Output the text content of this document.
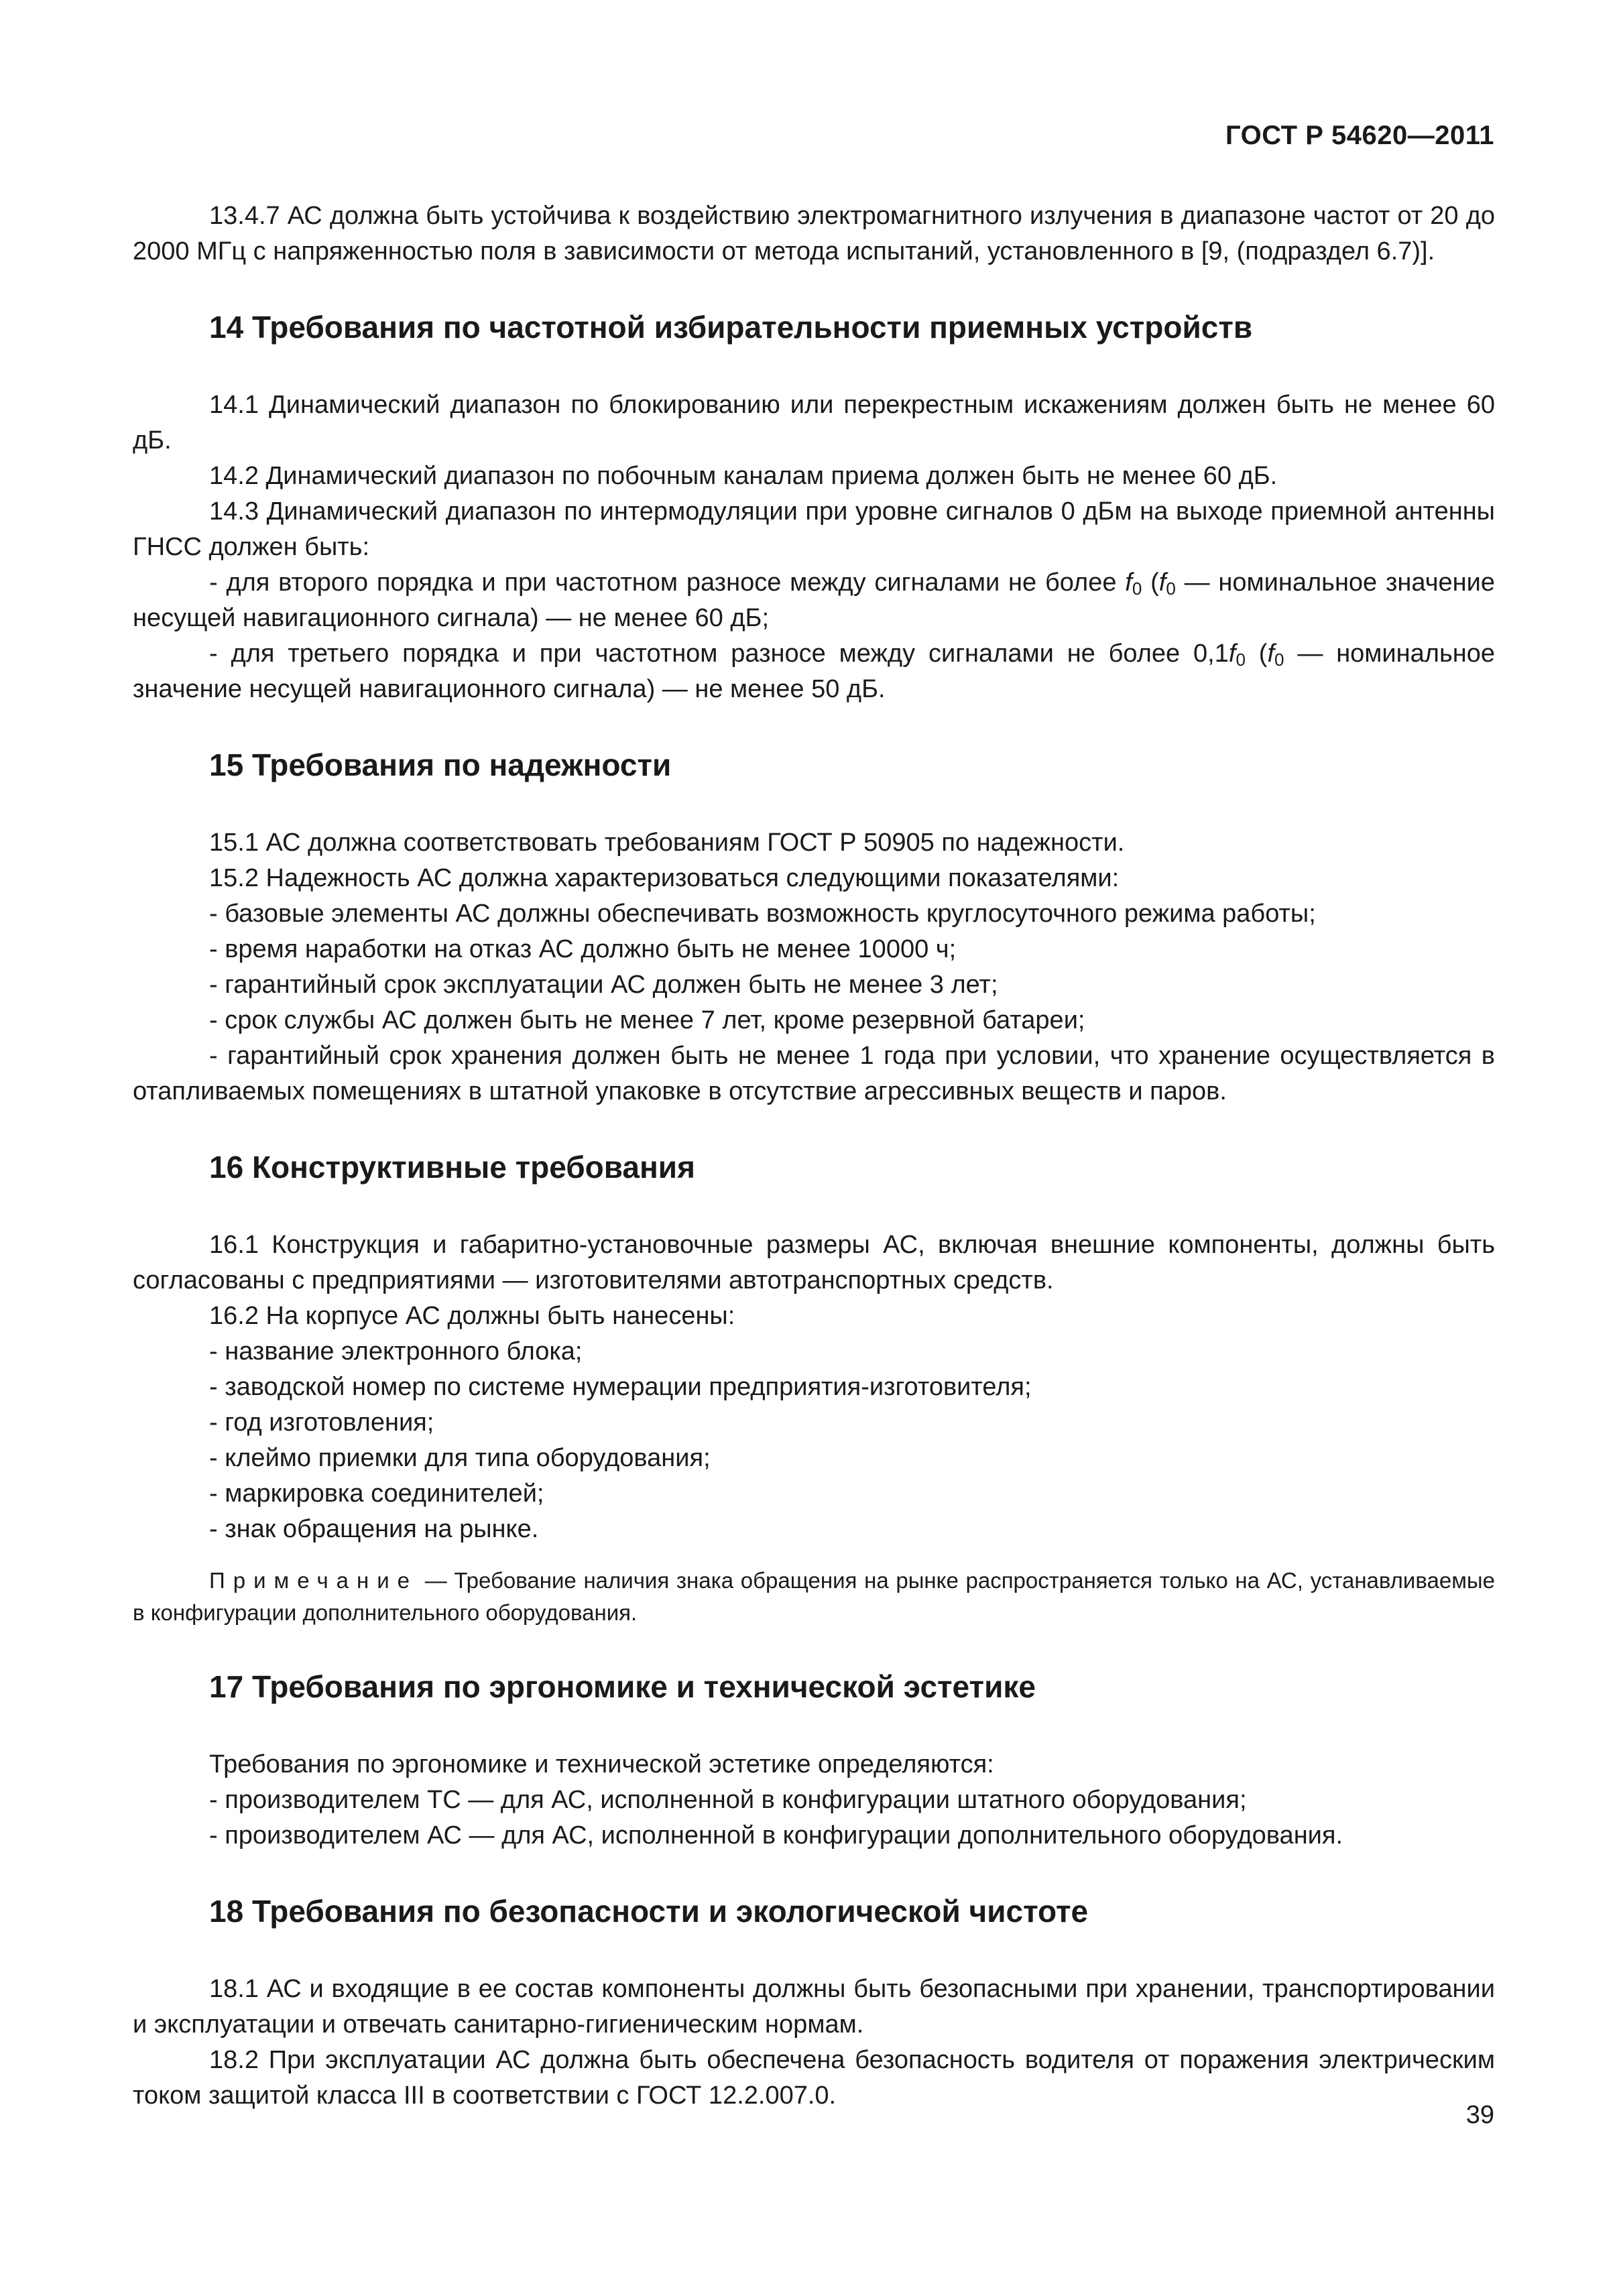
ГОСТ Р 54620—2011

13.4.7 АС должна быть устойчива к воздействию электромагнитного излучения в диапазоне частот от 20 до 2000 МГц с напряженностью поля в зависимости от метода испытаний, установленного в [9, (подраздел 6.7)].

14 Требования по частотной избирательности приемных устройств

14.1 Динамический диапазон по блокированию или перекрестным искажениям должен быть не менее 60 дБ.

14.2 Динамический диапазон по побочным каналам приема должен быть не менее 60 дБ.

14.3 Динамический диапазон по интермодуляции при уровне сигналов 0 дБм на выходе приемной антенны ГНСС должен быть:

- для второго порядка и при частотном разносе между сигналами не более $f_0$ ($f_0$ — номинальное значение несущей навигационного сигнала) — не менее 60 дБ;

- для третьего порядка и при частотном разносе между сигналами не более $0,1f_0$ ($f_0$ — номинальное значение несущей навигационного сигнала) — не менее 50 дБ.

15 Требования по надежности

15.1 АС должна соответствовать требованиям ГОСТ Р 50905 по надежности.

15.2 Надежность АС должна характеризоваться следующими показателями:

- базовые элементы АС должны обеспечивать возможность круглосуточного режима работы;

- время наработки на отказ АС должно быть не менее 10000 ч;

- гарантийный срок эксплуатации АС должен быть не менее 3 лет;

- срок службы АС должен быть не менее 7 лет, кроме резервной батареи;

- гарантийный срок хранения должен быть не менее 1 года при условии, что хранение осуществляется в отапливаемых помещениях в штатной упаковке в отсутствие агрессивных веществ и паров.

16 Конструктивные требования

16.1 Конструкция и габаритно-установочные размеры АС, включая внешние компоненты, должны быть согласованы с предприятиями — изготовителями автотранспортных средств.

16.2 На корпусе АС должны быть нанесены:

- название электронного блока;

- заводской номер по системе нумерации предприятия-изготовителя;

- год изготовления;

- клеймо приемки для типа оборудования;

- маркировка соединителей;

- знак обращения на рынке.

Примечание — Требование наличия знака обращения на рынке распространяется только на АС, устанавливаемые в конфигурации дополнительного оборудования.

17 Требования по эргономике и технической эстетике

Требования по эргономике и технической эстетике определяются:

- производителем ТС — для АС, исполненной в конфигурации штатного оборудования;

- производителем АС — для АС, исполненной в конфигурации дополнительного оборудования.

18 Требования по безопасности и экологической чистоте

18.1 АС и входящие в ее состав компоненты должны быть безопасными при хранении, транспортировании и эксплуатации и отвечать санитарно-гигиеническим нормам.

18.2 При эксплуатации АС должна быть обеспечена безопасность водителя от поражения электрическим током защитой класса III в соответствии с ГОСТ 12.2.007.0.

39
